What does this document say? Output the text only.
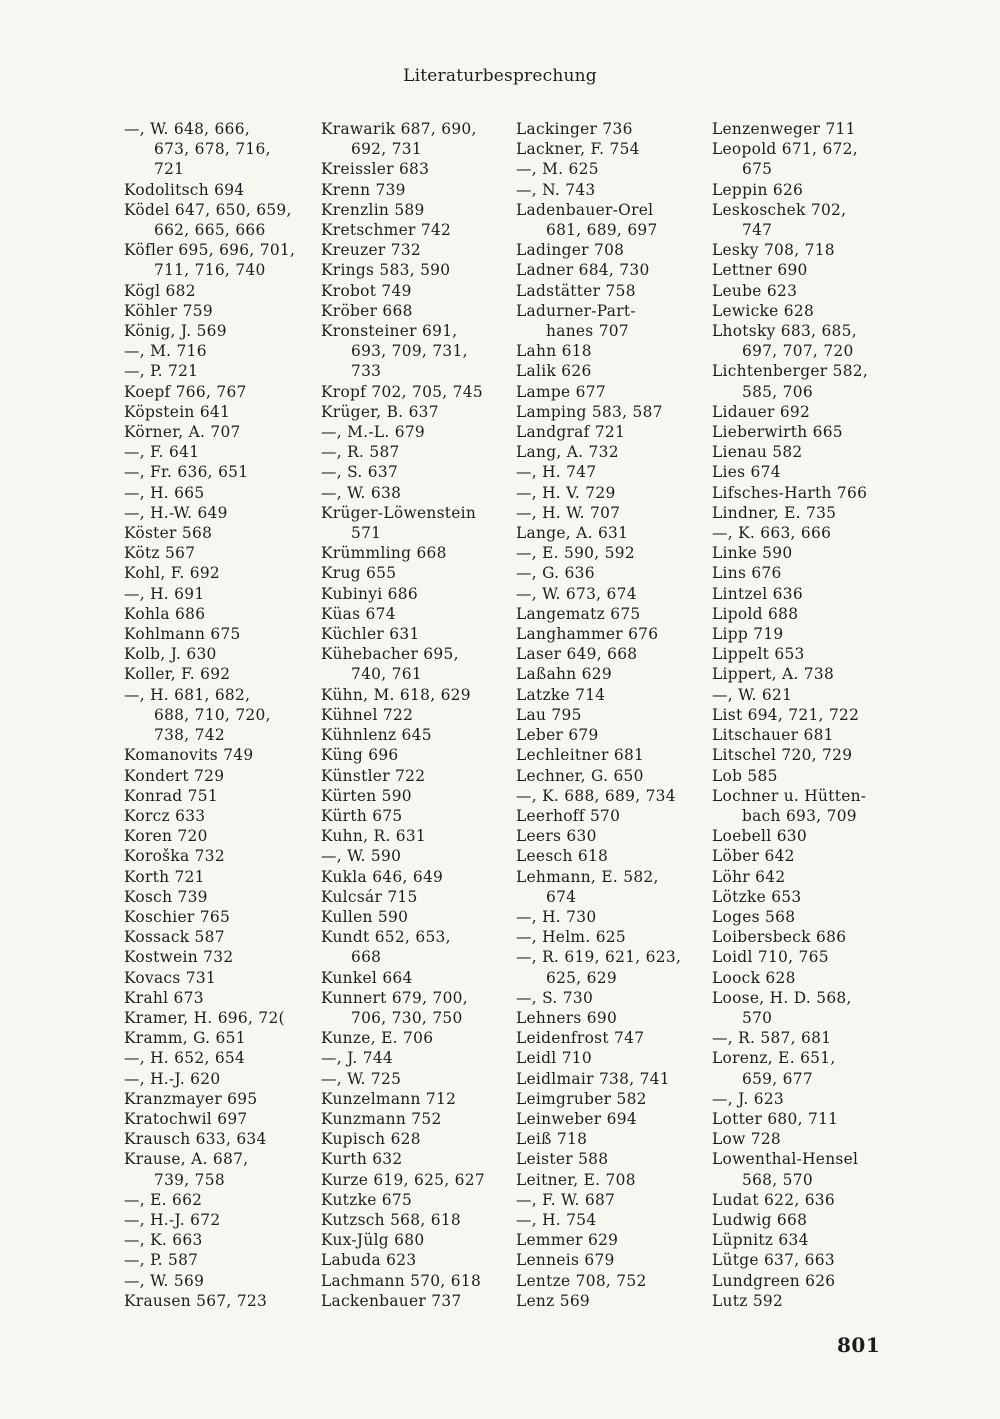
Literaturbesprechung
—, W. 648, 666,
673, 678, 716,
721
Kodolitsch 694
Ködel 647, 650, 659,
662, 665, 666
Köfler 695, 696, 701,
711, 716, 740
Kögl 682
Köhler 759
König, J. 569
—, M. 716
—, P. 721
Koepf 766, 767
Köpstein 641
Körner, A. 707
—, F. 641
—, Fr. 636, 651
—, H. 665
—, H.-W. 649
Köster 568
Kötz 567
Kohl, F. 692
—, H. 691
Kohla 686
Kohlmann 675
Kolb, J. 630
Koller, F. 692
—, H. 681, 682,
688, 710, 720,
738, 742
Komanovits 749
Kondert 729
Konrad 751
Korcz 633
Koren 720
Koroška 732
Korth 721
Kosch 739
Koschier 765
Kossack 587
Kostwein 732
Kovacs 731
Krahl 673
Kramer, H. 696, 72(
Kramm, G. 651
—, H. 652, 654
—, H.-J. 620
Kranzmayer 695
Kratochwil 697
Krausch 633, 634
Krause, A. 687,
739, 758
—, E. 662
—, H.-J. 672
—, K. 663
—, P. 587
—, W. 569
Krausen 567, 723
Krawarik 687, 690,
692, 731
Kreissler 683
Krenn 739
Krenzlin 589
Kretschmer 742
Kreuzer 732
Krings 583, 590
Krobot 749
Kröber 668
Kronsteiner 691,
693, 709, 731,
733
Kropf 702, 705, 745
Krüger, B. 637
—, M.-L. 679
—, R. 587
—, S. 637
—, W. 638
Krüger-Löwenstein
571
Krümmling 668
Krug 655
Kubinyi 686
Küas 674
Küchler 631
Kühebacher 695,
740, 761
Kühn, M. 618, 629
Kühnel 722
Kühnlenz 645
Küng 696
Künstler 722
Kürten 590
Kürth 675
Kuhn, R. 631
—, W. 590
Kukla 646, 649
Kulcsár 715
Kullen 590
Kundt 652, 653,
668
Kunkel 664
Kunnert 679, 700,
706, 730, 750
Kunze, E. 706
—, J. 744
—, W. 725
Kunzelmann 712
Kunzmann 752
Kupisch 628
Kurth 632
Kurze 619, 625, 627
Kutzke 675
Kutzsch 568, 618
Kux-Jülg 680
Labuda 623
Lachmann 570, 618
Lackenbauer 737
Lackinger 736
Lackner, F. 754
—, M. 625
—, N. 743
Ladenbauer-Orel
681, 689, 697
Ladinger 708
Ladner 684, 730
Ladstätter 758
Ladurner-Part-
hanes 707
Lahn 618
Lalik 626
Lampe 677
Lamping 583, 587
Landgraf 721
Lang, A. 732
—, H. 747
—, H. V. 729
—, H. W. 707
Lange, A. 631
—, E. 590, 592
—, G. 636
—, W. 673, 674
Langematz 675
Langhammer 676
Laser 649, 668
Laßahn 629
Latzke 714
Lau 795
Leber 679
Lechleitner 681
Lechner, G. 650
—, K. 688, 689, 734
Leerhoff 570
Leers 630
Leesch 618
Lehmann, E. 582,
674
—, H. 730
—, Helm. 625
—, R. 619, 621, 623,
625, 629
—, S. 730
Lehners 690
Leidenfrost 747
Leidl 710
Leidlmair 738, 741
Leimgruber 582
Leinweber 694
Leiß 718
Leister 588
Leitner, E. 708
—, F. W. 687
—, H. 754
Lemmer 629
Lenneis 679
Lentze 708, 752
Lenz 569
Lenzenweger 711
Leopold 671, 672,
675
Leppin 626
Leskoschek 702,
747
Lesky 708, 718
Lettner 690
Leube 623
Lewicke 628
Lhotsky 683, 685,
697, 707, 720
Lichtenberger 582,
585, 706
Lidauer 692
Lieberwirth 665
Lienau 582
Lies 674
Lifsches-Harth 766
Lindner, E. 735
—, K. 663, 666
Linke 590
Lins 676
Lintzel 636
Lipold 688
Lipp 719
Lippelt 653
Lippert, A. 738
—, W. 621
List 694, 721, 722
Litschauer 681
Litschel 720, 729
Lob 585
Lochner u. Hütten-
bach 693, 709
Loebell 630
Löber 642
Löhr 642
Lötzke 653
Loges 568
Loibersbeck 686
Loidl 710, 765
Loock 628
Loose, H. D. 568,
570
—, R. 587, 681
Lorenz, E. 651,
659, 677
—, J. 623
Lotter 680, 711
Low 728
Lowenthal-Hensel
568, 570
Ludat 622, 636
Ludwig 668
Lüpnitz 634
Lütge 637, 663
Lundgreen 626
Lutz 592
801
